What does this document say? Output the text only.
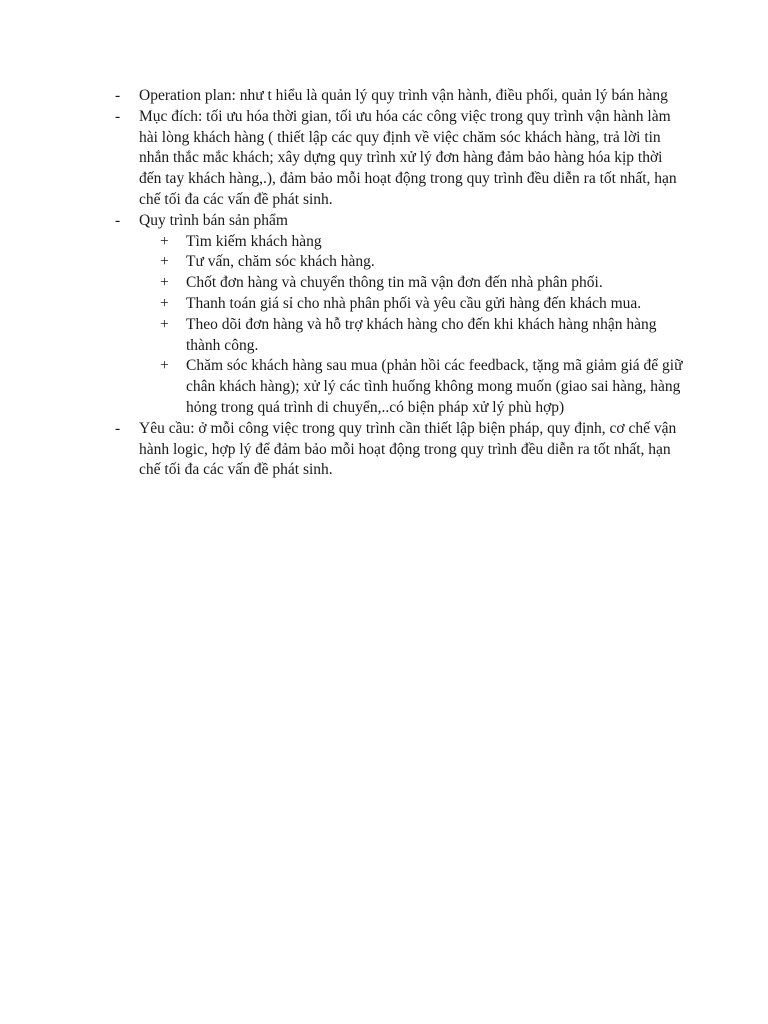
-	Operation plan: như t hiểu là quản lý quy trình vận hành, điều phối, quản lý bán hàng
-	Mục đích: tối ưu hóa thời gian, tối ưu hóa các công việc trong quy trình vận hành làm hài lòng khách hàng ( thiết lập các quy định về việc chăm sóc khách hàng, trả lời tin nhắn thắc mắc khách; xây dựng quy trình xử lý đơn hàng đảm bảo hàng hóa kịp thời đến tay khách hàng,.), đảm bảo mỗi hoạt động trong quy trình đều diễn ra tốt nhất, hạn chế tối đa các vấn đề phát sinh.
-	Quy trình bán sản phẩm
+	Tìm kiếm khách hàng
+	Tư vấn, chăm sóc khách hàng.
+	Chốt đơn hàng và chuyển thông tin mã vận đơn đến nhà phân phối.
+	Thanh toán giá sỉ cho nhà phân phối và yêu cầu gửi hàng đến khách mua.
+	Theo dõi đơn hàng và hỗ trợ khách hàng cho đến khi khách hàng nhận hàng thành công.
+	Chăm sóc khách hàng sau mua (phản hồi các feedback, tặng mã giảm giá để giữ chân khách hàng); xử lý các tình huống không mong muốn (giao sai hàng, hàng hỏng trong quá trình di chuyển,..có biện pháp xử lý phù hợp)
-	Yêu cầu: ở mỗi công việc trong quy trình cần thiết lập biện pháp, quy định, cơ chế vận hành logic, hợp lý để đảm bảo mỗi hoạt động trong quy trình đều diễn ra tốt nhất, hạn chế tối đa các vấn đề phát sinh.
